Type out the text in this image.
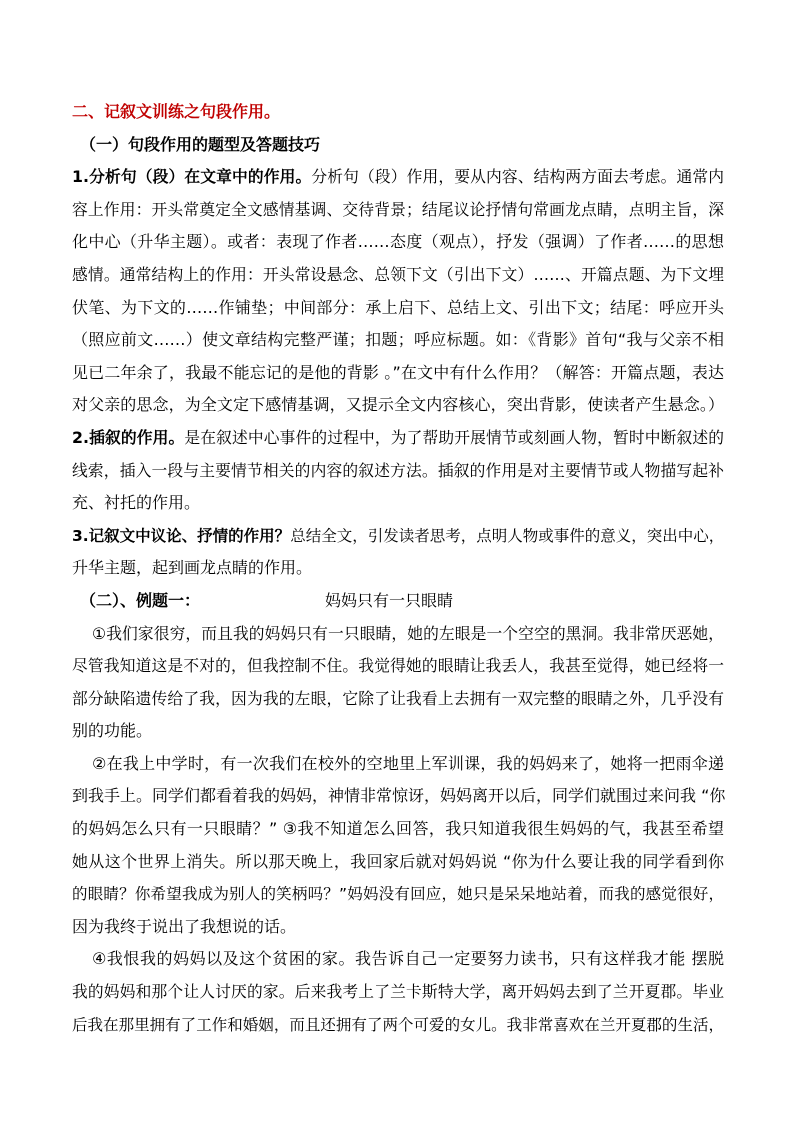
二、记叙文训练之句段作用。
（一）句段作用的题型及答题技巧
1.分析句（段）在文章中的作用。分析句（段）作用，要从内容、结构两方面去考虑。通常内
容上作用：开头常奠定全文感情基调、交待背景；结尾议论抒情句常画龙点睛，点明主旨，深
化中心（升华主题）。或者：表现了作者……态度（观点），抒发（强调）了作者……的思想
感情。通常结构上的作用：开头常设悬念、总领下文（引出下文）……、开篇点题、为下文埋
伏笔、为下文的……作铺垫；中间部分：承上启下、总结上文、引出下文；结尾：呼应开头
（照应前文……）使文章结构完整严谨；扣题；呼应标题。如：《背影》首句“我与父亲不相
见已二年余了，我最不能忘记的是他的背影 。”在文中有什么作用？（解答：开篇点题，表达
对父亲的思念，为全文定下感情基调，又提示全文内容核心，突出背影，使读者产生悬念。）
2.插叙的作用。是在叙述中心事件的过程中，为了帮助开展情节或刻画人物，暂时中断叙述的
线索，插入一段与主要情节相关的内容的叙述方法。插叙的作用是对主要情节或人物描写起补
充、衬托的作用。
3.记叙文中议论、抒情的作用？总结全文，引发读者思考，点明人物或事件的意义，突出中心，
升华主题，起到画龙点睛的作用。
（二）、例题一：	妈妈只有一只眼睛
①我们家很穷，而且我的妈妈只有一只眼睛，她的左眼是一个空空的黑洞。我非常厌恶她，
尽管我知道这是不对的，但我控制不住。我觉得她的眼睛让我丢人，我甚至觉得，她已经将一
部分缺陷遗传给了我，因为我的左眼，它除了让我看上去拥有一双完整的眼睛之外，几乎没有
别的功能。
②在我上中学时，有一次我们在校外的空地里上军训课，我的妈妈来了，她将一把雨伞递
到我手上。同学们都看着我的妈妈，神情非常惊讶，妈妈离开以后，同学们就围过来问我 “你
的妈妈怎么只有一只眼睛？” ③我不知道怎么回答，我只知道我很生妈妈的气，我甚至希望
她从这个世界上消失。所以那天晚上，我回家后就对妈妈说 “你为什么要让我的同学看到你
的眼睛？你希望我成为别人的笑柄吗？”妈妈没有回应，她只是呆呆地站着，而我的感觉很好，
因为我终于说出了我想说的话。
④我恨我的妈妈以及这个贫困的家。我告诉自己一定要努力读书，只有这样我才能 摆脱
我的妈妈和那个让人讨厌的家。后来我考上了兰卡斯特大学，离开妈妈去到了兰开夏郡。毕业
后我在那里拥有了工作和婚姻，而且还拥有了两个可爱的女儿。我非常喜欢在兰开夏郡的生活，
